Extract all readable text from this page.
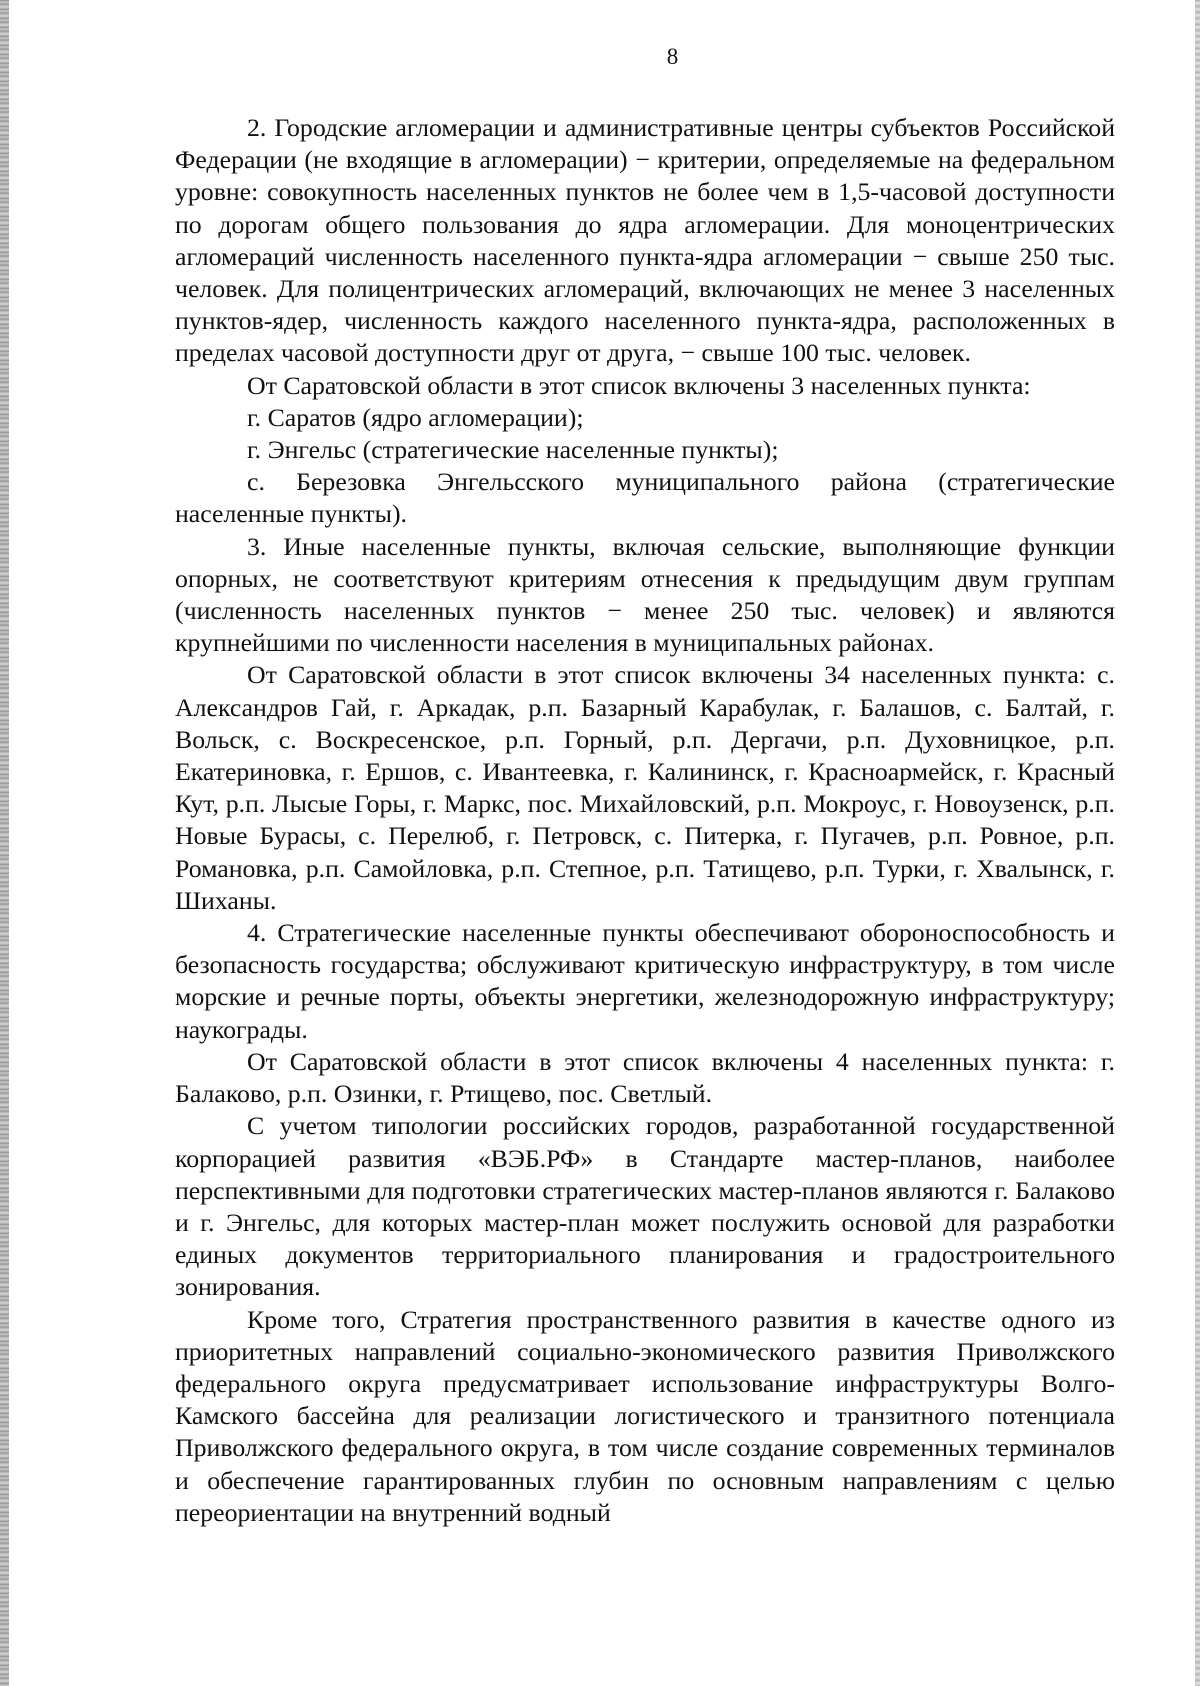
8

2. Городские агломерации и административные центры субъектов Российской Федерации (не входящие в агломерации) − критерии, определяемые на федеральном уровне: совокупность населенных пунктов не более чем в 1,5-часовой доступности по дорогам общего пользования до ядра агломерации. Для моноцентрических агломераций численность населенного пункта-ядра агломерации − свыше 250 тыс. человек. Для полицентрических агломераций, включающих не менее 3 населенных пунктов-ядер, численность каждого населенного пункта-ядра, расположенных в пределах часовой доступности друг от друга, − свыше 100 тыс. человек.

От Саратовской области в этот список включены 3 населенных пункта:

г. Саратов (ядро агломерации);

г. Энгельс (стратегические населенные пункты);

с. Березовка Энгельсского муниципального района (стратегические населенные пункты).

3. Иные населенные пункты, включая сельские, выполняющие функции опорных, не соответствуют критериям отнесения к предыдущим двум группам (численность населенных пунктов − менее 250 тыс. человек) и являются крупнейшими по численности населения в муниципальных районах.

От Саратовской области в этот список включены 34 населенных пункта: с. Александров Гай, г. Аркадак, р.п. Базарный Карабулак, г. Балашов, с. Балтай, г. Вольск, с. Воскресенское, р.п. Горный, р.п. Дергачи, р.п. Духовницкое, р.п. Екатериновка, г. Ершов, с. Ивантеевка, г. Калининск, г. Красноармейск, г. Красный Кут, р.п. Лысые Горы, г. Маркс, пос. Михайловский, р.п. Мокроус, г. Новоузенск, р.п. Новые Бурасы, с. Перелюб, г. Петровск, с. Питерка, г. Пугачев, р.п. Ровное, р.п. Романовка, р.п. Самойловка, р.п. Степное, р.п. Татищево, р.п. Турки, г. Хвалынск, г. Шиханы.

4. Стратегические населенные пункты обеспечивают обороноспособность и безопасность государства; обслуживают критическую инфраструктуру, в том числе морские и речные порты, объекты энергетики, железнодорожную инфраструктуру; наукограды.

От Саратовской области в этот список включены 4 населенных пункта: г. Балаково, р.п. Озинки, г. Ртищево, пос. Светлый.

С учетом типологии российских городов, разработанной государственной корпорацией развития «ВЭБ.РФ» в Стандарте мастер-планов, наиболее перспективными для подготовки стратегических мастер-планов являются г. Балаково и г. Энгельс, для которых мастер-план может послужить основой для разработки единых документов территориального планирования и градостроительного зонирования.

Кроме того, Стратегия пространственного развития в качестве одного из приоритетных направлений социально-экономического развития Приволжского федерального округа предусматривает использование инфраструктуры Волго-Камского бассейна для реализации логистического и транзитного потенциала Приволжского федерального округа, в том числе создание современных терминалов и обеспечение гарантированных глубин по основным направлениям с целью переориентации на внутренний водный
